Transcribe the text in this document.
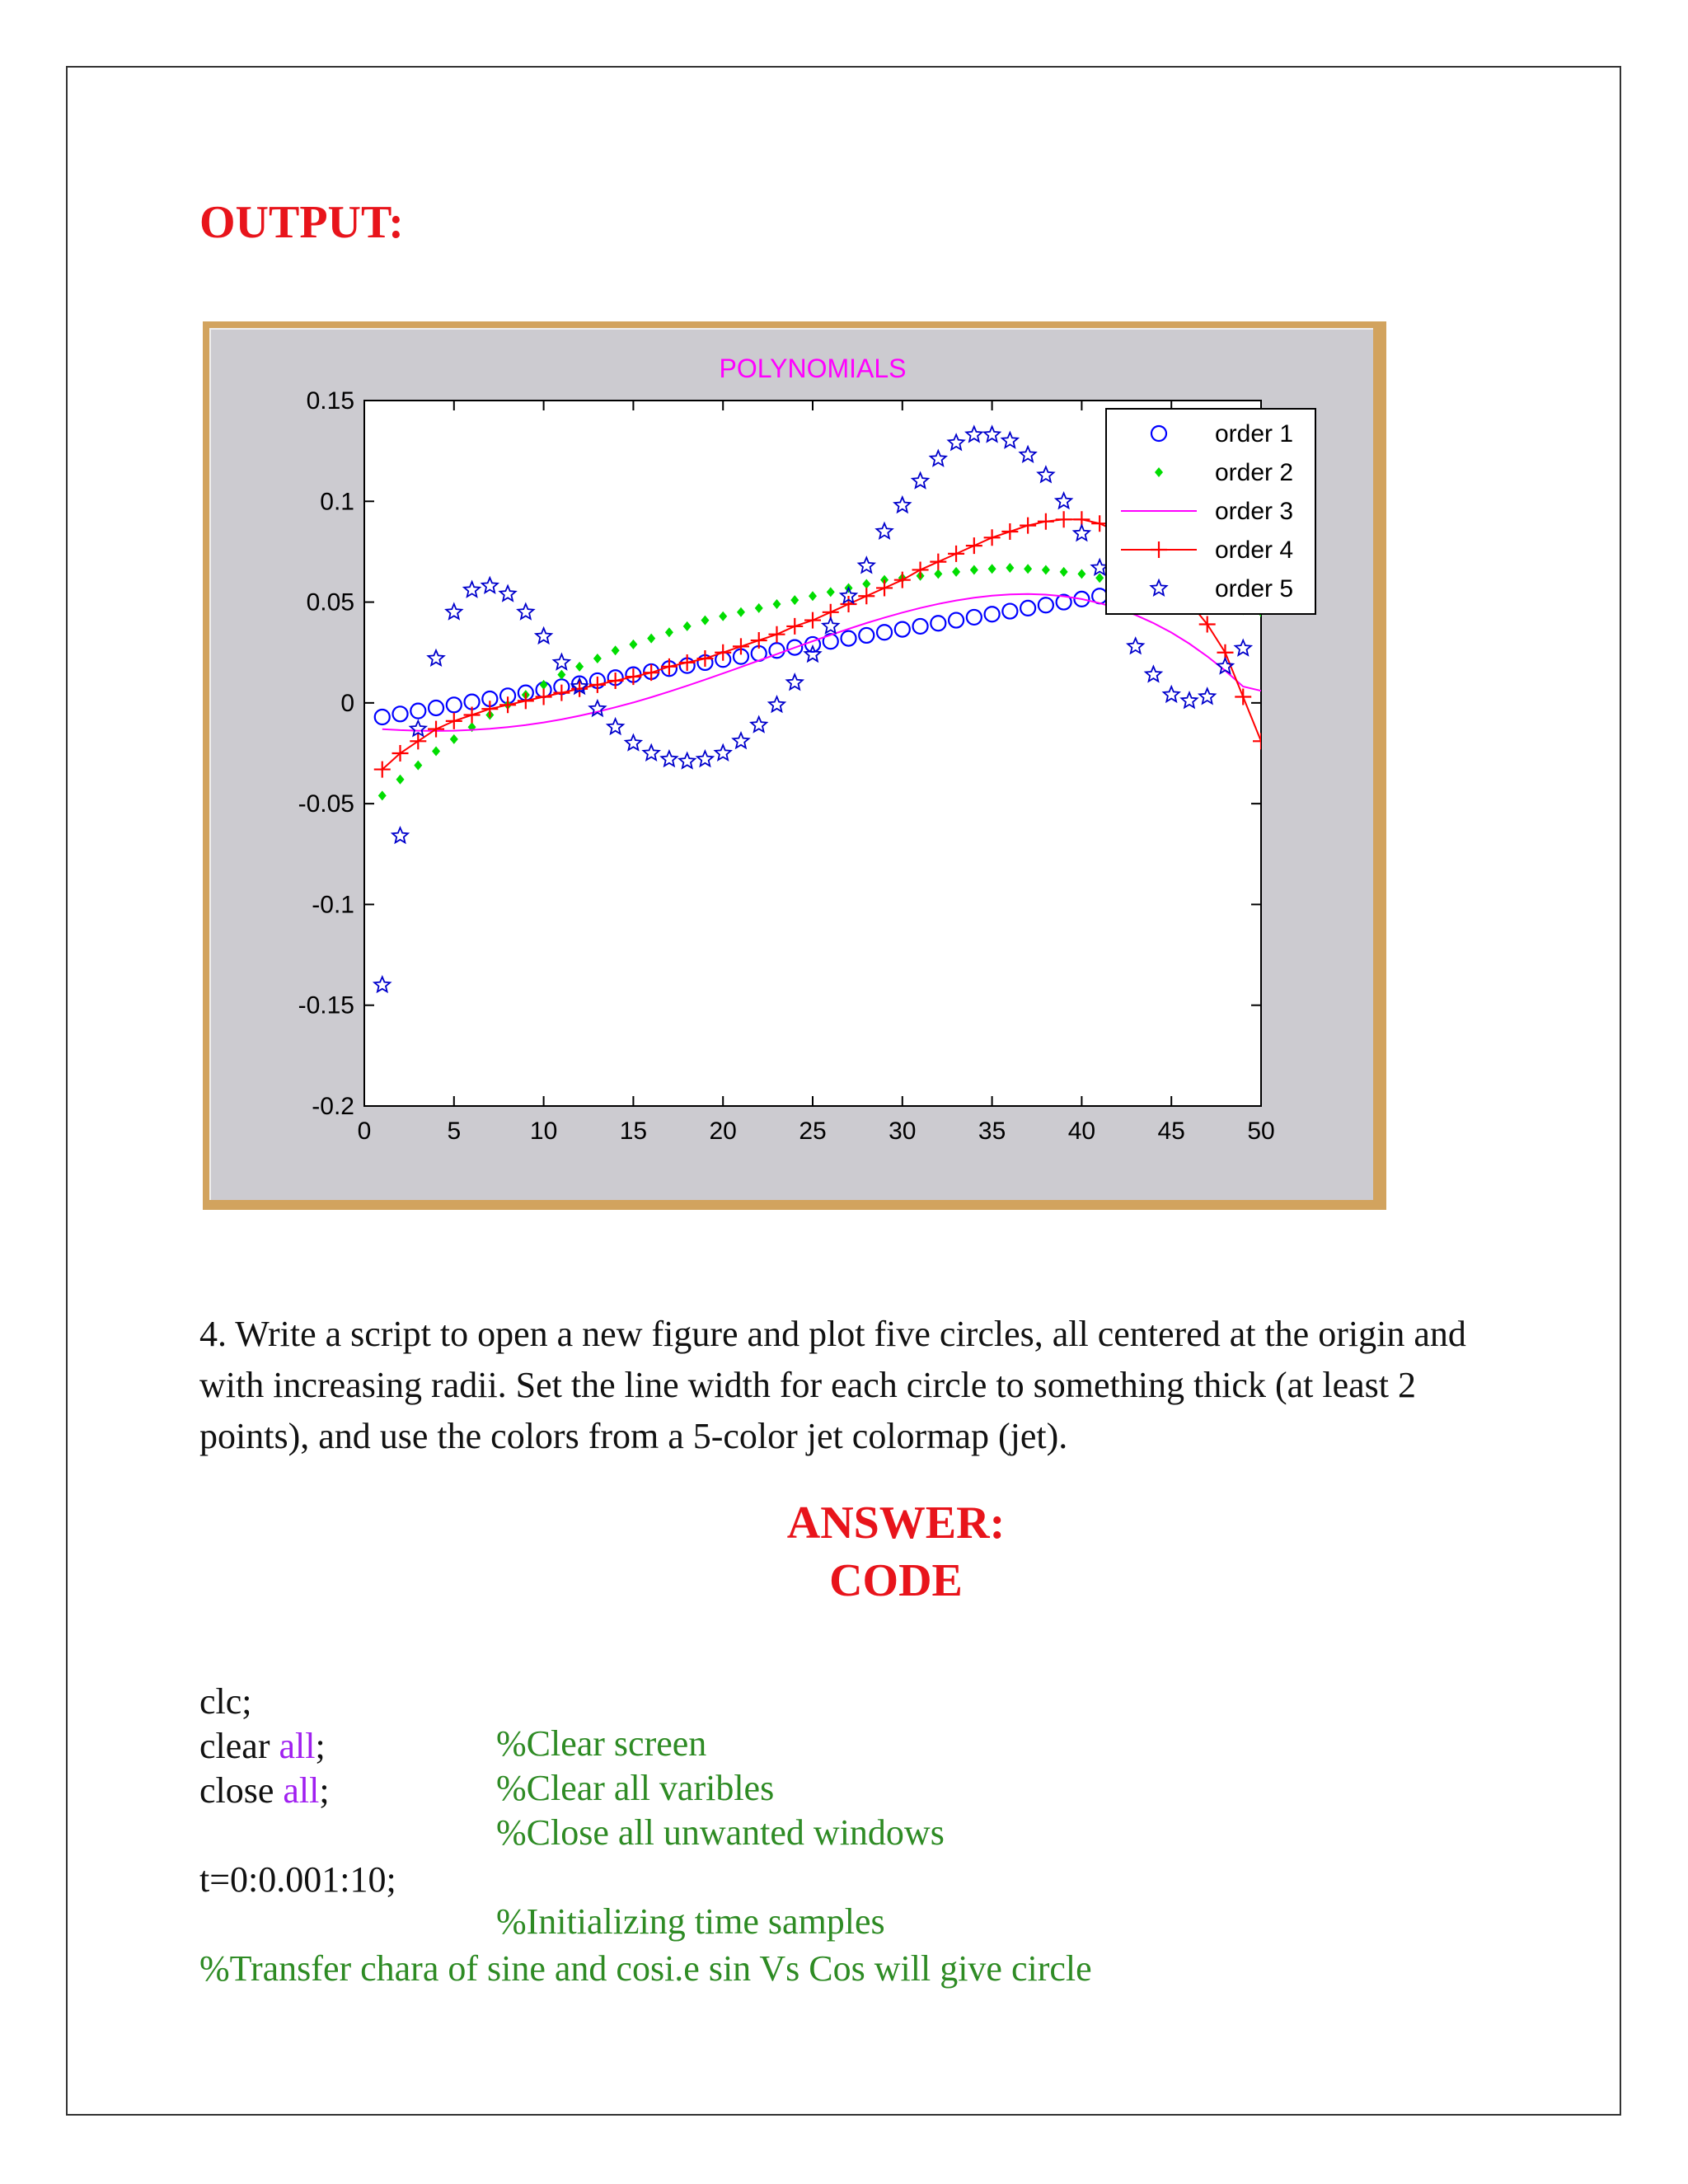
OUTPUT:
POLYNOMIALS
0	5	10	15	20	25	30	35	40	45	50
-0.2
-0.15
-0.1
-0.05
0
0.05
0.1
0.15
order 1
order 2
order 3
order 4
order 5

4. Write a script to open a new figure and plot five circles, all centered at the origin and with increasing radii. Set the line width for each circle to something thick (at least 2 points), and use the colors from a 5-color jet colormap (jet).

ANSWER:
CODE

clc;

%Clear screen

clear all;

%Clear all varibles

close all;

%Close all unwanted windows

t=0:0.001:10;

%Initializing time samples

%Transfer chara of sine and cosi.e sin Vs Cos will give circle
